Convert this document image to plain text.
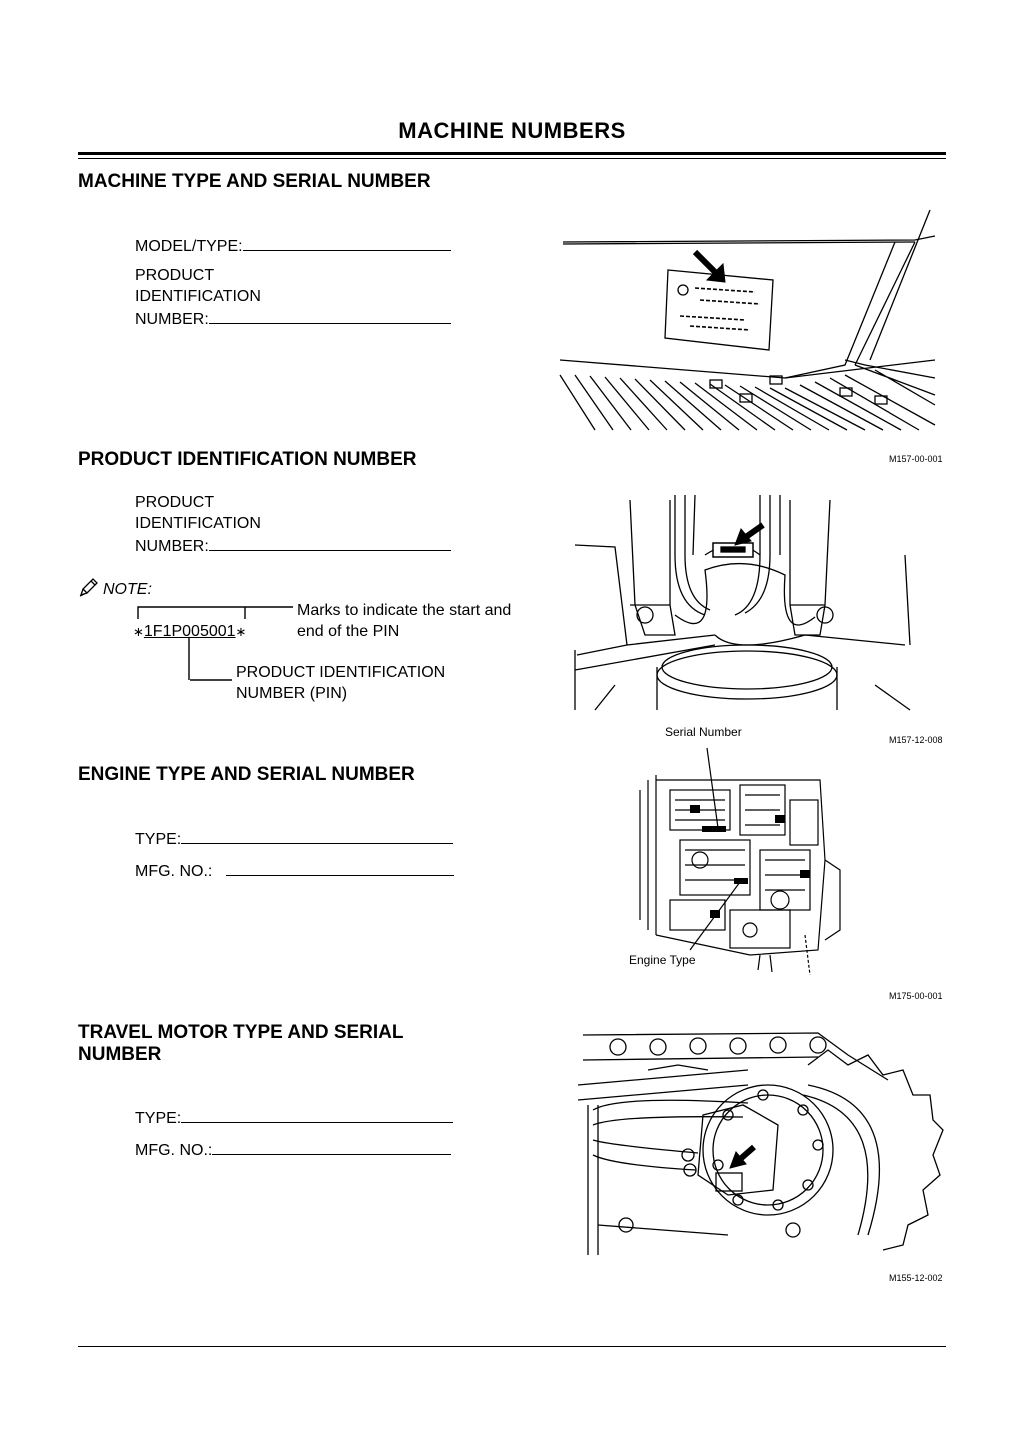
MACHINE NUMBERS
MACHINE TYPE AND SERIAL NUMBER
MODEL/TYPE:
PRODUCT
IDENTIFICATION
NUMBER:
M157-00-001
PRODUCT IDENTIFICATION NUMBER
PRODUCT
IDENTIFICATION
NUMBER:
NOTE:
∗1F1P005001∗
Marks to indicate the start and
end of the PIN
PRODUCT IDENTIFICATION
NUMBER (PIN)
M157-12-008
ENGINE TYPE AND SERIAL NUMBER
TYPE:
MFG. NO.:
Serial Number
Engine Type
M175-00-001
TRAVEL MOTOR TYPE AND SERIAL
NUMBER
TYPE:
MFG. NO.:
M155-12-002
